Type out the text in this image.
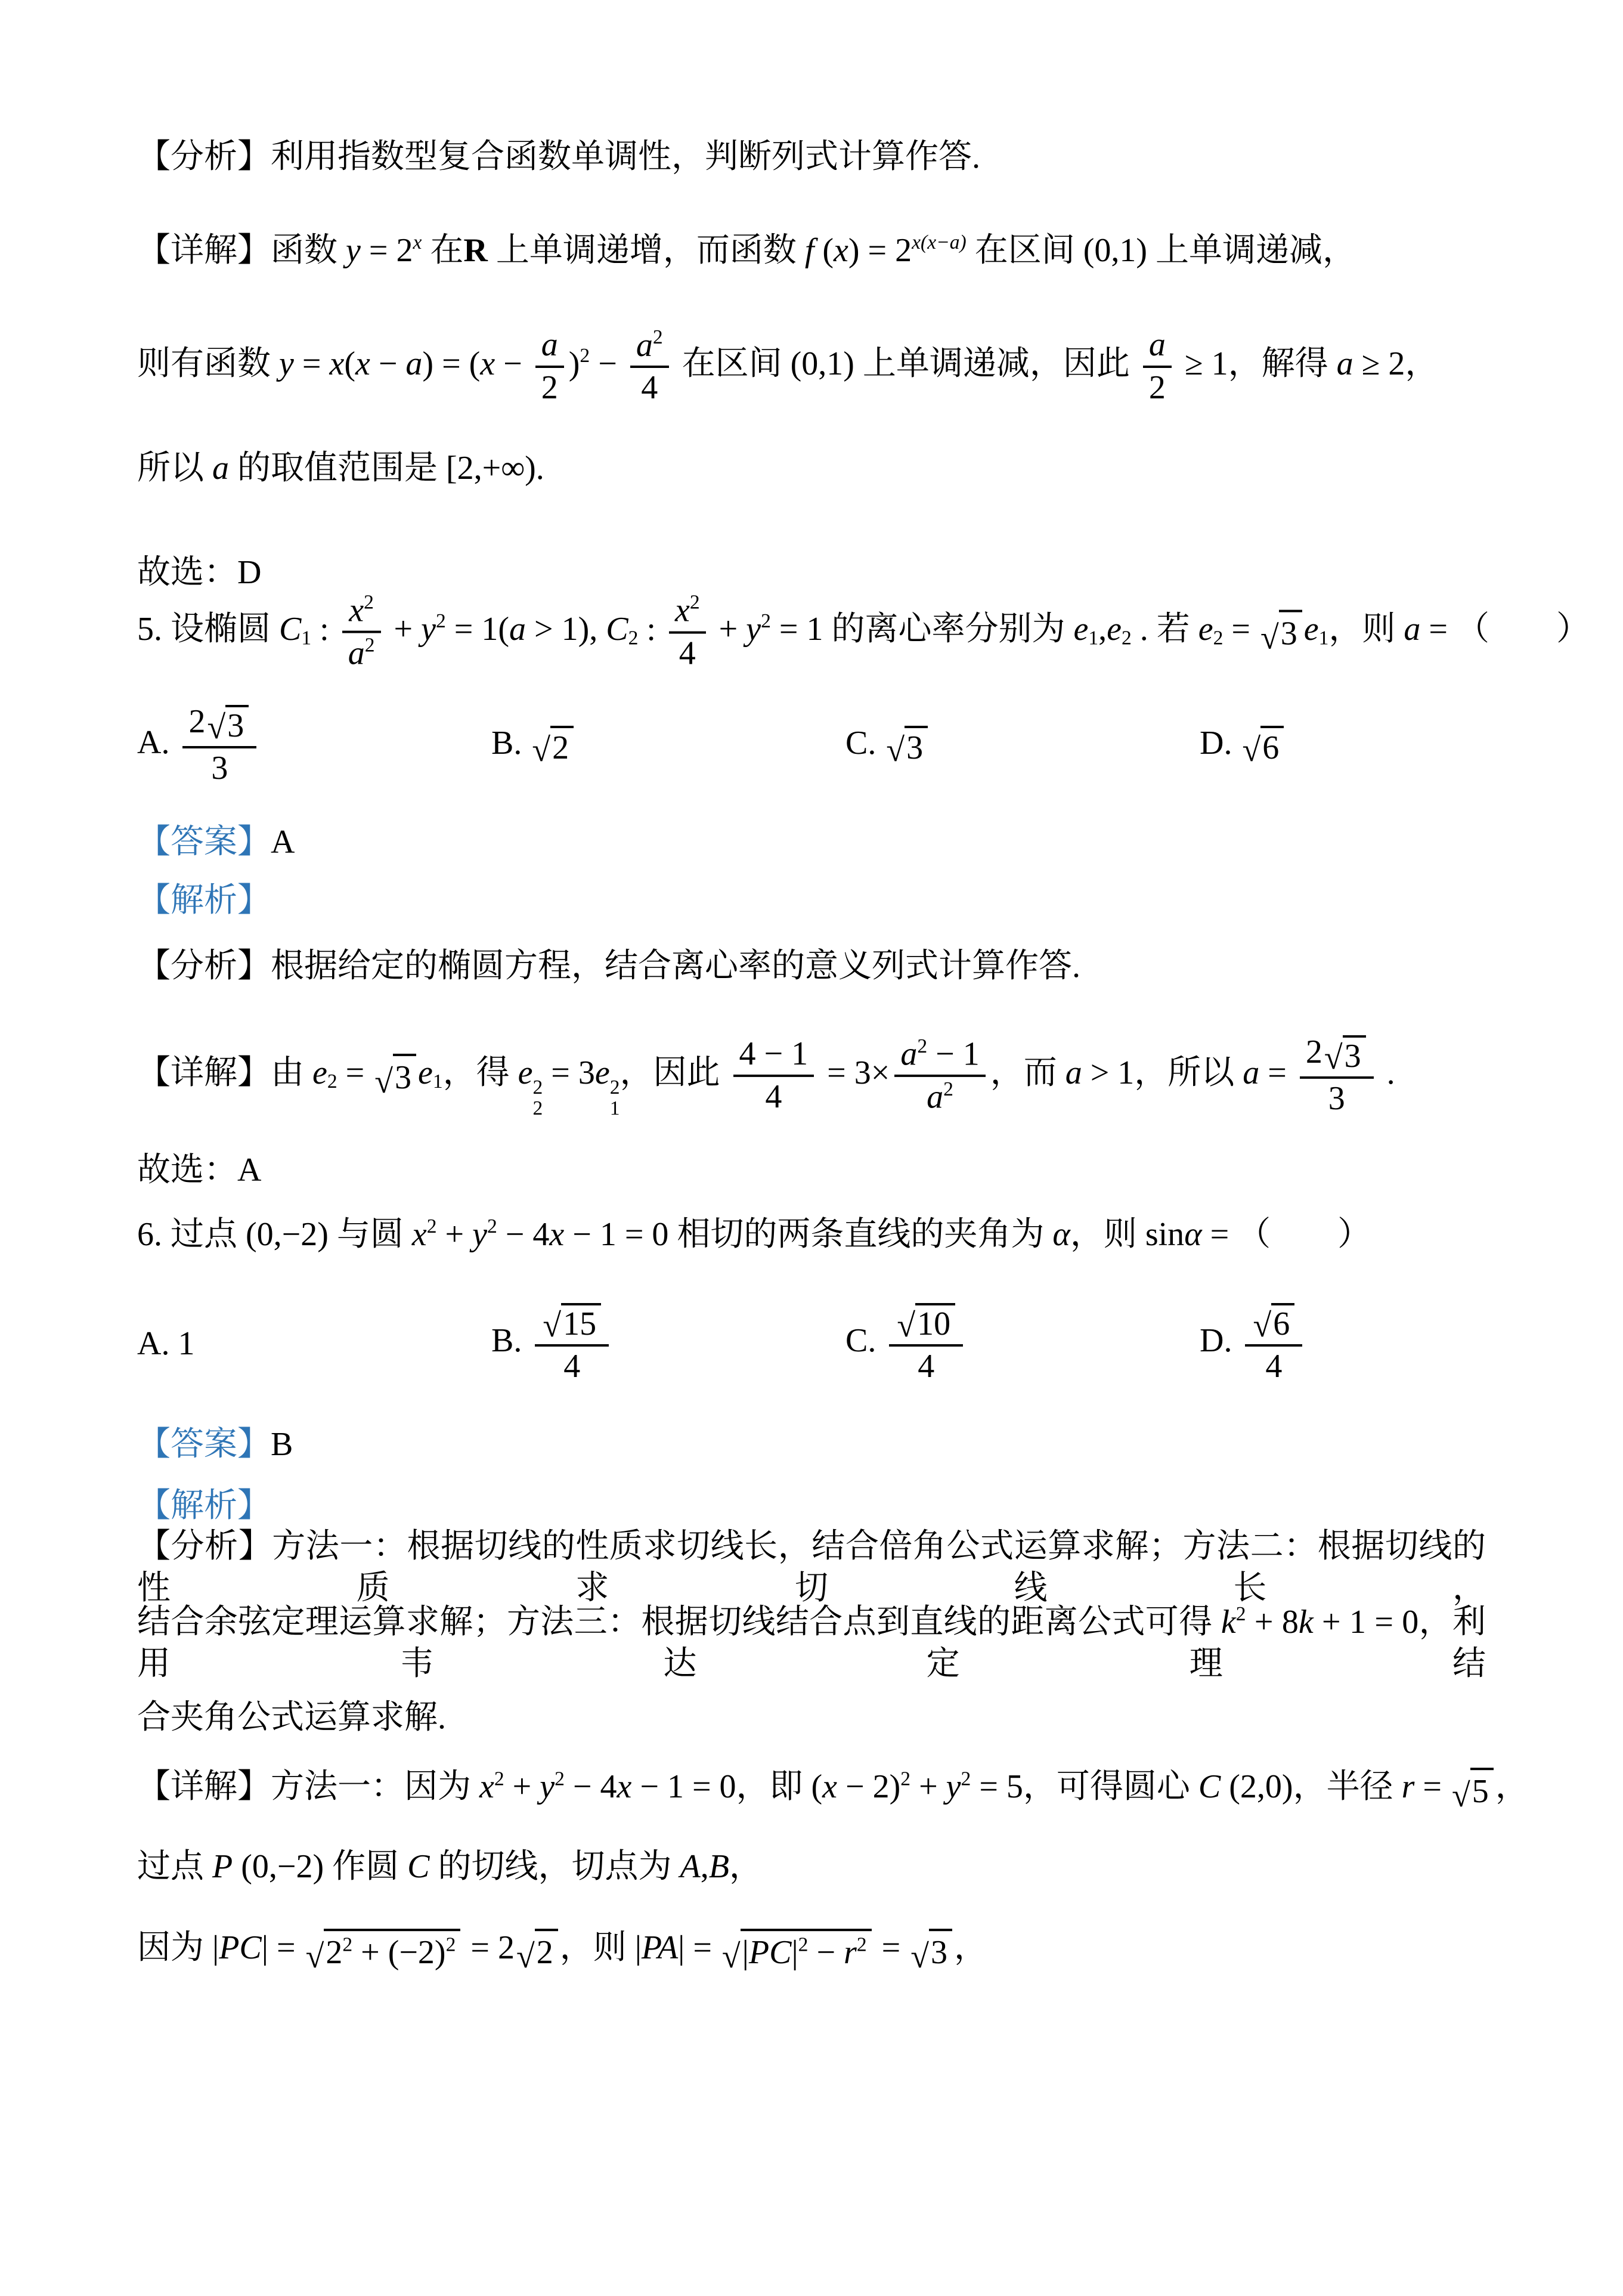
【分析】利用指数型复合函数单调性，判断列式计算作答.
【详解】函数 $y = 2^x$ 在R 上单调递增，而函数 f $(x) = 2^{x(x-a)}$ 在区间 (0,1) 上单调递减，
则有函数 $y = x(x - a) = (x - \frac{a}{2} )^2 - \frac{a^2}{4}$ 在区间 (0,1) 上单调递减，因此 $\frac{a}{2} \ge 1$，解得 a ≥ 2，
所以 a 的取值范围是 [2,+∞).
故选：D
5. 设椭圆 $C_1$ : $\frac{x^2}{a^2} + y^2 = 1(a > 1)$, $C_2$ : $\frac{x^2}{4} + y^2 = 1$ 的离心率分别为 $e_1,e_2$ . 若 $e_2$ = √ 3 $e_1$，则 a = （　　）
A. $\frac{2 √ 3}{3}$	B. √ 2	C. √ 3	D. √ 6
【答案】A
【解析】
【分析】根据给定的椭圆方程，结合离心率的意义列式计算作答.
【详解】由 $e_2$ = √ 3 $e_1$，得 e 2
2
= 3e 2
1
，因此 $\frac{4 - 1}{4} = 3\times \frac{a^2 - 1}{a^2}$ ，而 a > 1，所以 $a = \frac{2 √ 3}{3}$ .
故选：A
6. 过点 (0,−2) 与圆 $x^2 + y^2 - 4x - 1 = 0$ 相切的两条直线的夹角为 α，则 sinα = （　　）
A. 1	B. $\frac{√ 15}{4}$	C. $\frac{√ 10}{4}$	D. $\frac{√ 6}{4}$
【答案】B
【解析】
【分析】方法一：根据切线的性质求切线长，结合倍角公式运算求解；方法二：根据切线的性质求切线长，
结合余弦定理运算求解；方法三：根据切线结合点到直线的距离公式可得 $k^2 + 8k + 1 = 0$，利用韦达定理结
合夹角公式运算求解.
【详解】方法一：因为 $x^2 + y^2 - 4x - 1 = 0$，即 $(x - 2)^2 + y^2 = 5$，可得圆心 C (2,0)，半径 r = √ 5 ，
过点 P (0,−2) 作圆 C 的切线，切点为 A,B，
因为 |PC| = √ $2^2 + (-2)^2 = 2$ √ 2 ，则 |PA| = √ $|PC|^2 - r^2$ = √ 3 ，
